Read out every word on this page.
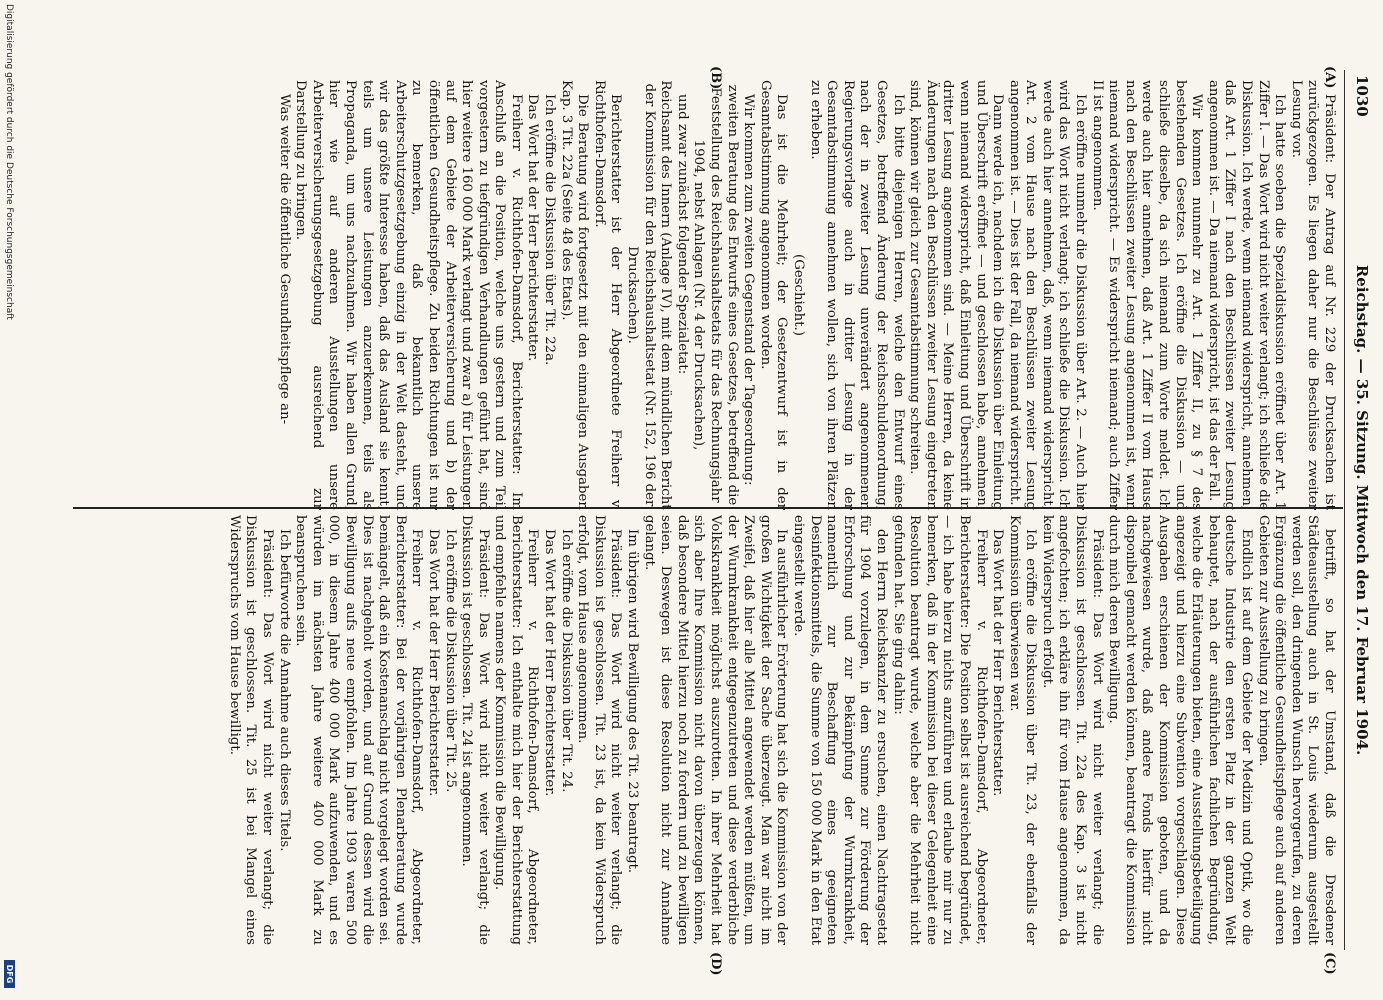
1030
Reichstag. — 35. Sitzung. Mittwoch den 17. Februar 1904.
(A)
(B)
(C)
(D)

Präsident: Der Antrag auf Nr. 229 der Drucksachen ist zurückgezogen. Es liegen daher nur die Beschlüsse zweiter Lesung vor.

Ich hatte soeben die Spezialdiskussion eröffnet über Art. 1 Ziffer I. — Das Wort wird nicht weiter verlangt; ich schließe die Diskussion. Ich werde, wenn niemand widerspricht, annehmen, daß Art. 1 Ziffer I nach den Beschlüssen zweiter Lesung angenommen ist. — Da niemand widerspricht, ist das der Fall.

Wir kommen nunmehr zu Art. 1 Ziffer II, zu § 7 des bestehenden Gesetzes. Ich eröffne die Diskussion — und schließe dieselbe, da sich niemand zum Worte meldet. Ich werde auch hier annehmen, daß Art. 1 Ziffer II vom Hause nach den Beschlüssen zweiter Lesung angenommen ist, wenn niemand widerspricht. — Es widerspricht niemand; auch Ziffer II ist angenommen.

Ich eröffne nunmehr die Diskussion über Art. 2. — Auch hier wird das Wort nicht verlangt; ich schließe die Diskussion. Ich werde auch hier annehmen, daß, wenn niemand widerspricht, Art. 2 vom Hause nach den Beschlüssen zweiter Lesung angenommen ist. — Dies ist der Fall, da niemand widerspricht.

Dann werde ich, nachdem ich die Diskussion über Einleitung und Überschrift eröffnet — und geschlossen habe, annehmen, wenn niemand widerspricht, daß Einleitung und Überschrift in dritter Lesung angenommen sind. — Meine Herren, da keine Änderungen nach den Beschlüssen zweiter Lesung eingetreten sind, können wir gleich zur Gesamtabstimmung schreiten.

Ich bitte diejenigen Herren, welche den Entwurf eines Gesetzes, betreffend Änderung der Reichsschuldenordnung, nach der in zweiter Lesung unverändert angenommenen Regierungsvorlage auch in dritter Lesung in der Gesamtabstimmung annehmen wollen, sich von ihren Plätzen zu erheben.

(Geschieht.)

Das ist die Mehrheit; der Gesetzentwurf ist in der Gesamtabstimmung angenommen worden.

Wir kommen zum zweiten Gegenstand der Tagesordnung:

zweiten Beratung des Entwurfs eines Gesetzes, betreffend die Feststellung des Reichshaushaltsetats für das Rechnungsjahr 1904, nebst Anlagen (Nr. 4 der Drucksachen),

und zwar zunächst folgender Spezialetat:

Reichsamt des Innern (Anlage IV), mit dem mündlichen Bericht der Kommission für den Reichshaushaltsetat (Nr. 152, 196 der Drucksachen).

Berichterstatter ist der Herr Abgeordnete Freiherr v. Richthofen-Damsdorf.

Die Beratung wird fortgesetzt mit den einmaligen Ausgaben Kap. 3 Tit. 22a (Seite 48 des Etats).

Ich eröffne die Diskussion über Tit. 22a.

Das Wort hat der Herr Berichterstatter.

Freiherr v. Richthofen-Damsdorf, Berichterstatter: Im Anschluß an die Position, welche uns gestern und zum Teil vorgestern zu tiefgründigen Verhandlungen geführt hat, sind hier weitere 160 000 Mark verlangt und zwar a) für Leistungen auf dem Gebiete der Arbeiterversicherung und b) der öffentlichen Gesundheitspflege. Zu beiden Richtungen ist nur zu bemerken, daß bekanntlich unsere Arbeiterschutzgesetzgebung einzig in der Welt dasteht, und wir das größte Interesse haben, daß das Ausland sie kennt, teils um unsere Leistungen anzuerkennen, teils als Propaganda, um uns nachzuahmen. Wir haben allen Grund, hier wie auf anderen Ausstellungen unsere Arbeiterversicherungsgesetzgebung ausreichend zur Darstellung zu bringen.

Was weiter die öffentliche Gesundheitspflege an-

betrifft, so hat der Umstand, daß die Dresdener Städteausstellung auch in St. Louis wiederum ausgestellt werden soll, den dringenden Wunsch hervorgerufen, zu deren Ergänzung die öffentliche Gesundheitspflege auch auf anderen Gebieten zur Ausstellung zu bringen.

Endlich ist auf dem Gebiete der Medizin und Optik, wo die deutsche Industrie den ersten Platz in der ganzen Welt behauptet, nach der ausführlichen fachlichen Begründung, welche die Erläuterungen bieten, eine Ausstellungsbeteiligung angezeigt und hierzu eine Subvention vorgeschlagen. Diese Ausgaben erschienen der Kommission geboten, und da nachgewiesen wurde, daß andere Fonds hierfür nicht disponibel gemacht werden können, beantragt die Kommission durch mich deren Bewilligung.

Präsident: Das Wort wird nicht weiter verlangt; die Diskussion ist geschlossen. Tit. 22a des Kap. 3 ist nicht angefochten; ich erkläre ihn für vom Hause angenommen, da kein Widerspruch erfolgt.

Ich eröffne die Diskussion über Tit. 23, der ebenfalls der Kommission überwiesen war.

Das Wort hat der Herr Berichterstatter.

Freiherr v. Richthofen-Damsdorf, Abgeordneter, Berichterstatter: Die Position selbst ist ausreichend begründet, — ich habe hierzu nichts anzuführen und erlaube mir nur zu bemerken, daß in der Kommission bei dieser Gelegenheit eine Resolution beantragt wurde, welche aber die Mehrheit nicht gefunden hat. Sie ging dahin:

den Herrn Reichskanzler zu ersuchen, einen Nachtragsetat für 1904 vorzulegen, in dem Summe zur Förderung der Erforschung und zur Bekämpfung der Wurmkrankheit, namentlich zur Beschaffung eines geeigneten Desinfektionsmittels, die Summe von 150 000 Mark in den Etat eingestellt werde.

In ausführlicher Erörterung hat sich die Kommission von der großen Wichtigkeit der Sache überzeugt. Man war nicht im Zweifel, daß hier alle Mittel angewendet werden müßten, um der Wurmkrankheit entgegenzutreten und diese verderbliche Volkskrankheit möglichst auszurotten. In ihrer Mehrheit hat sich aber Ihre Kommission nicht davon überzeugen können, daß besondere Mittel hierzu noch zu fordern und zu bewilligen seien. Deswegen ist diese Resolution nicht zur Annahme gelangt.

Im übrigen wird Bewilligung des Tit. 23 beantragt.

Präsident: Das Wort wird nicht weiter verlangt; die Diskussion ist geschlossen. Tit. 23 ist, da kein Widerspruch erfolgt, vom Hause angenommen.

Ich eröffne die Diskussion über Tit. 24.

Das Wort hat der Herr Berichterstatter.

Freiherr v. Richthofen-Damsdorf, Abgeordneter, Berichterstatter: Ich enthalte mich hier der Berichterstattung und empfehle namens der Kommission die Bewilligung.

Präsident: Das Wort wird nicht weiter verlangt; die Diskussion ist geschlossen. Tit. 24 ist angenommen.

Ich eröffne die Diskussion über Tit. 25.

Das Wort hat der Herr Berichterstatter.

Freiherr v. Richthofen-Damsdorf, Abgeordneter, Berichterstatter: Bei der vorjährigen Plenarberatung wurde bemängelt, daß ein Kostenanschlag nicht vorgelegt worden sei. Dies ist nachgeholt worden, und auf Grund dessen wird die Bewilligung aufs neue empfohlen. Im Jahre 1903 waren 500 000, in diesem Jahre 400 000 Mark aufzuwenden, und es würden im nächsten Jahre weitere 400 000 Mark zu beanspruchen sein.

Ich befürworte die Annahme auch dieses Titels.

Präsident: Das Wort wird nicht weiter verlangt; die Diskussion ist geschlossen. Tit. 25 ist bei Mangel eines Widerspruchs vom Hause bewilligt.

Digitalisierung gefördert durch die Deutsche Forschungsgemeinschaft
DFG
